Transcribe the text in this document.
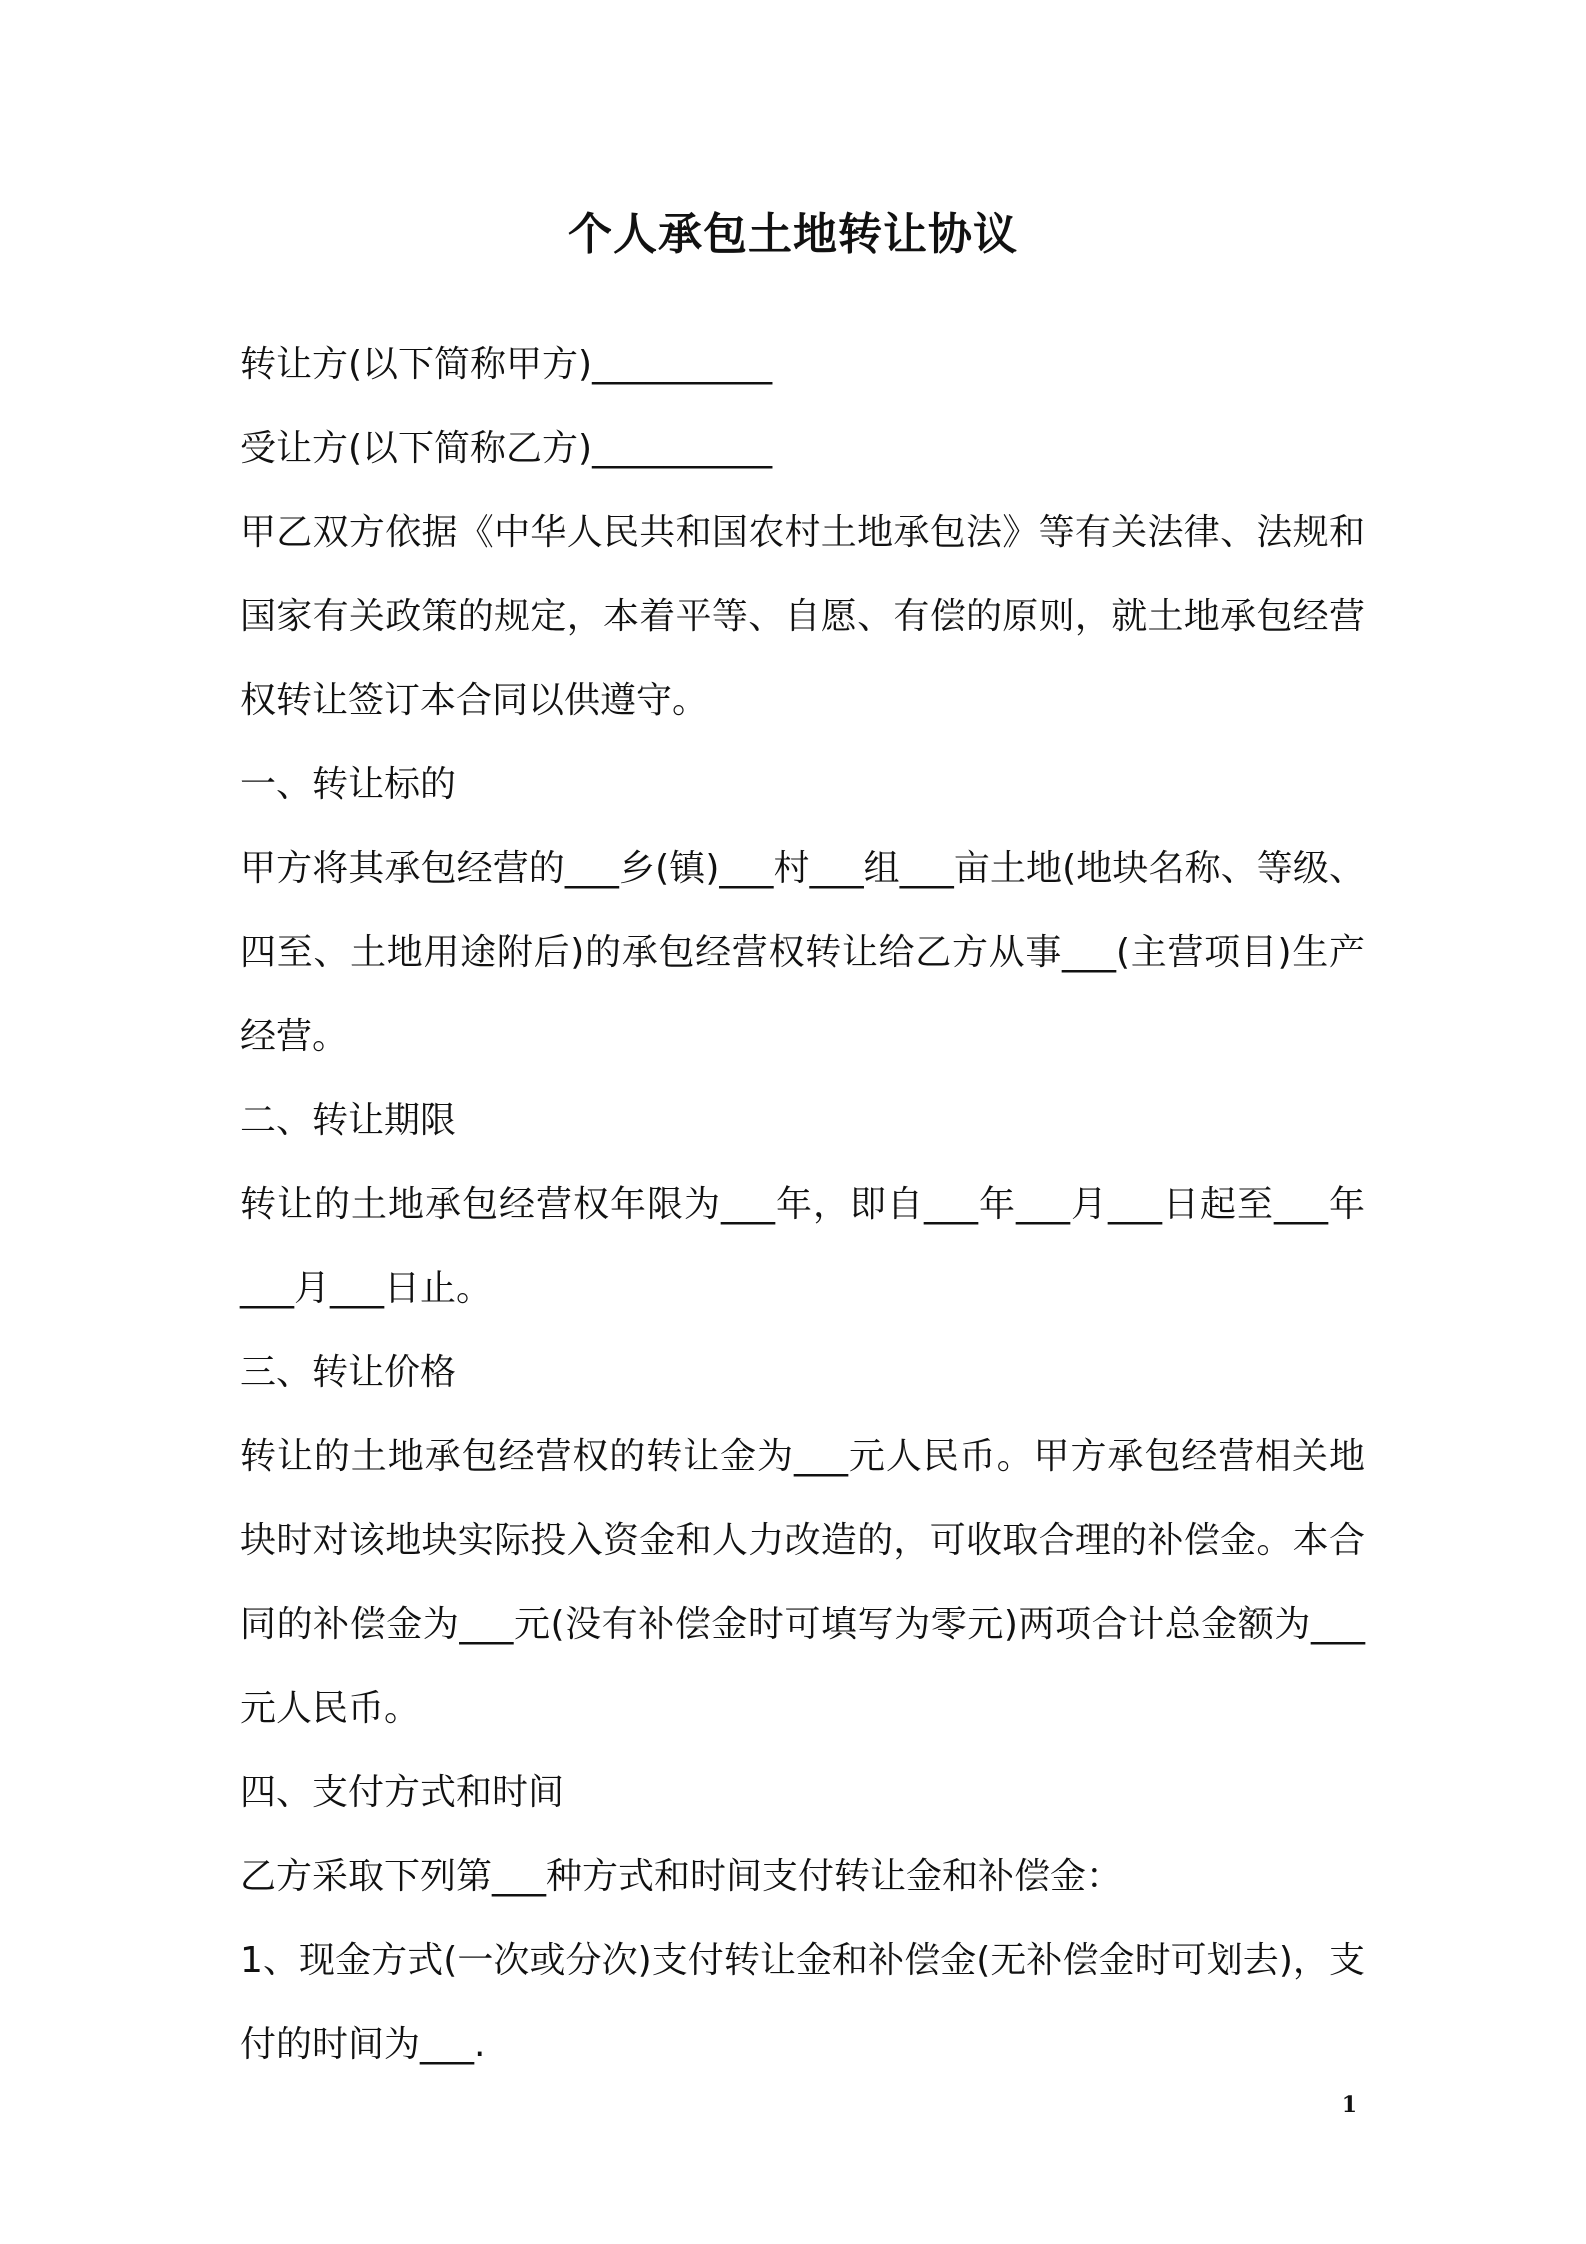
个人承包土地转让协议
转让方(以下简称甲方)__________
受让方(以下简称乙方)__________
甲乙双方依据《中华人民共和国农村土地承包法》等有关法律、法规和国家有关政策的规定，本着平等、自愿、有偿的原则，就土地承包经营权转让签订本合同以供遵守。
一、转让标的
甲方将其承包经营的___乡(镇)___村___组___亩土地(地块名称、等级、四至、土地用途附后)的承包经营权转让给乙方从事___(主营项目)生产经营。
二、转让期限
转让的土地承包经营权年限为___年，即自___年___月___日起至___年___月___日止。
三、转让价格
转让的土地承包经营权的转让金为___元人民币。甲方承包经营相关地块时对该地块实际投入资金和人力改造的，可收取合理的补偿金。本合同的补偿金为___元(没有补偿金时可填写为零元)两项合计总金额为___元人民币。
四、支付方式和时间
乙方采取下列第___种方式和时间支付转让金和补偿金：
1、现金方式(一次或分次)支付转让金和补偿金(无补偿金时可划去)，支付的时间为___.
1
